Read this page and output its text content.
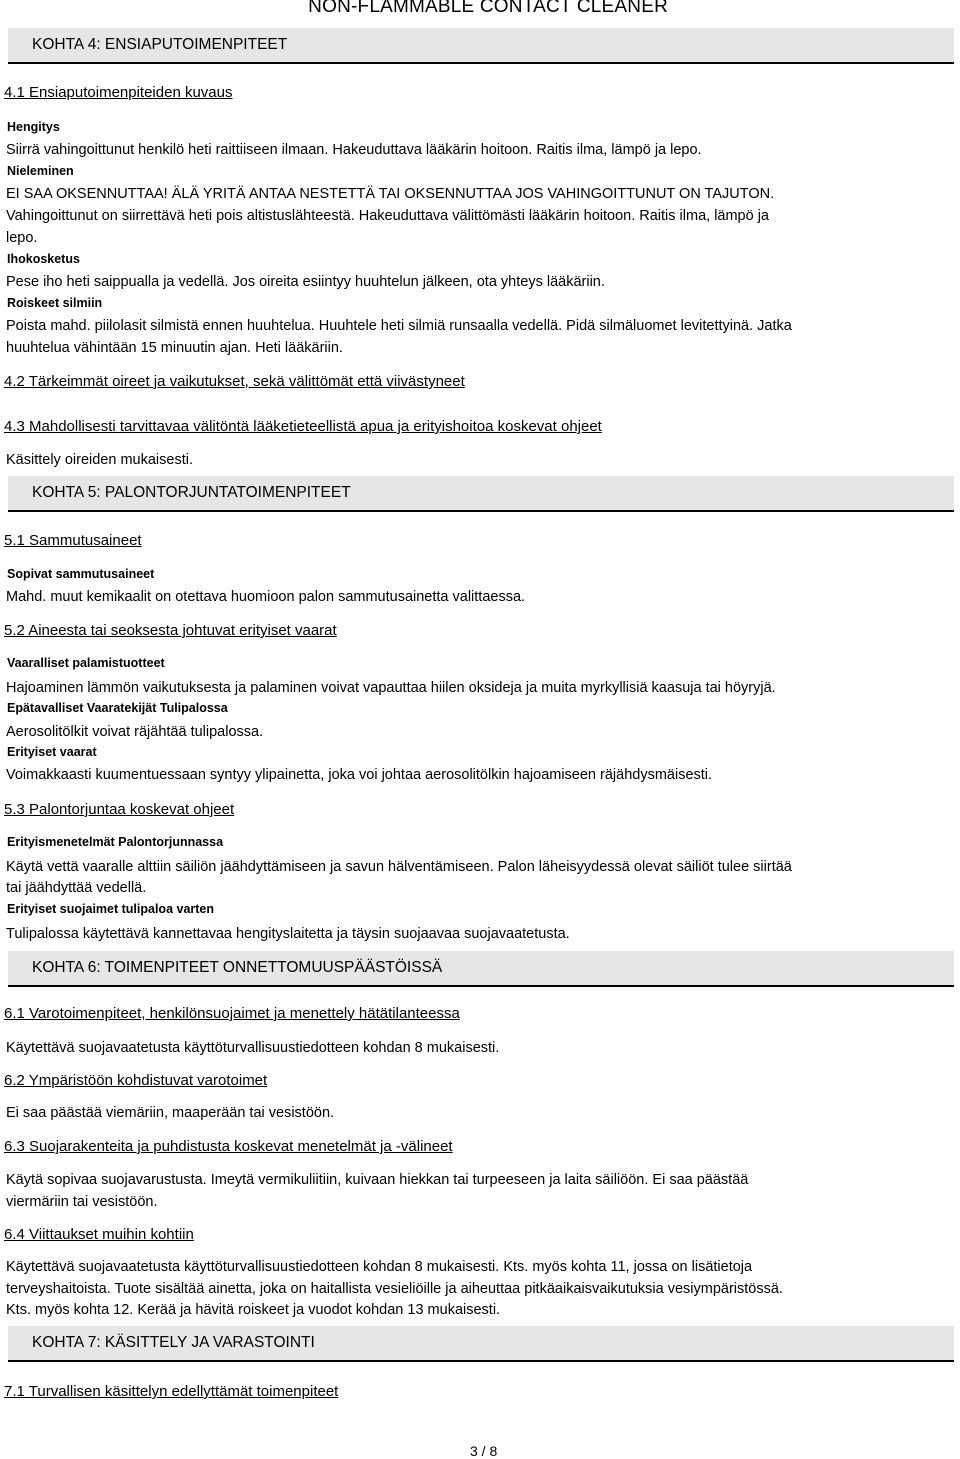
NON-FLAMMABLE CONTACT CLEANER
KOHTA 4: ENSIAPUTOIMENPITEET
4.1 Ensiaputoimenpiteiden kuvaus
Hengitys
Siirrä vahingoittunut henkilö heti raittiiseen ilmaan. Hakeuduttava lääkärin hoitoon. Raitis ilma, lämpö ja lepo.
Nieleminen
EI SAA OKSENNUTTAA! ÄLÄ YRITÄ ANTAA NESTETTÄ TAI OKSENNUTTAA JOS VAHINGOITTUNUT ON TAJUTON.
Vahingoittunut on siirrettävä heti pois altistuslähteestä. Hakeuduttava välittömästi lääkärin hoitoon. Raitis ilma, lämpö ja
lepo.
Ihokosketus
Pese iho heti saippualla ja vedellä. Jos oireita esiintyy huuhtelun jälkeen, ota yhteys lääkäriin.
Roiskeet silmiin
Poista mahd. piilolasit silmistä ennen huuhtelua. Huuhtele heti silmiä runsaalla vedellä. Pidä silmäluomet levitettyinä. Jatka
huuhtelua vähintään 15 minuutin ajan. Heti lääkäriin.
4.2 Tärkeimmät oireet ja vaikutukset, sekä välittömät että viivästyneet
4.3 Mahdollisesti tarvittavaa välitöntä lääketieteellistä apua ja erityishoitoa koskevat ohjeet
Käsittely oireiden mukaisesti.
KOHTA 5: PALONTORJUNTATOIMENPITEET
5.1 Sammutusaineet
Sopivat sammutusaineet
Mahd. muut kemikaalit on otettava huomioon palon sammutusainetta valittaessa.
5.2 Aineesta tai seoksesta johtuvat erityiset vaarat
Vaaralliset palamistuotteet
Hajoaminen lämmön vaikutuksesta ja palaminen voivat vapauttaa hiilen oksideja ja muita myrkyllisiä kaasuja tai höyryjä.
Epätavalliset Vaaratekijät Tulipalossa
Aerosolitölkit voivat räjähtää tulipalossa.
Erityiset vaarat
Voimakkaasti kuumentuessaan syntyy ylipainetta, joka voi johtaa aerosolitölkin hajoamiseen räjähdysmäisesti.
5.3 Palontorjuntaa koskevat ohjeet
Erityismenetelmät Palontorjunnassa
Käytä vettä vaaralle alttiin säiliön jäähdyttämiseen ja savun hälventämiseen. Palon läheisyydessä olevat säiliöt tulee siirtää
tai jäähdyttää vedellä.
Erityiset suojaimet tulipaloa varten
Tulipalossa käytettävä kannettavaa hengityslaitetta ja täysin suojaavaa suojavaatetusta.
KOHTA 6: TOIMENPITEET ONNETTOMUUSPÄÄSTÖISSÄ
6.1 Varotoimenpiteet, henkilönsuojaimet ja menettely hätätilanteessa
Käytettävä suojavaatetusta käyttöturvallisuustiedotteen kohdan 8 mukaisesti.
6.2 Ympäristöön kohdistuvat varotoimet
Ei saa päästää viemäriin, maaperään tai vesistöön.
6.3 Suojarakenteita ja puhdistusta koskevat menetelmät ja -välineet
Käytä sopivaa suojavarustusta. Imeytä vermikuliitiin, kuivaan hiekkan tai turpeeseen ja laita säiliöön. Ei saa päästää
viermäriin tai vesistöön.
6.4 Viittaukset muihin kohtiin
Käytettävä suojavaatetusta käyttöturvallisuustiedotteen kohdan 8 mukaisesti. Kts. myös kohta 11, jossa on lisätietoja
terveyshaitoista. Tuote sisältää ainetta, joka on haitallista vesieliöille ja aiheuttaa pitkäaikaisvaikutuksia vesiympäristössä.
Kts. myös kohta 12. Kerää ja hävitä roiskeet ja vuodot kohdan 13 mukaisesti.
KOHTA 7: KÄSITTELY JA VARASTOINTI
7.1 Turvallisen käsittelyn edellyttämät toimenpiteet
3 / 8
